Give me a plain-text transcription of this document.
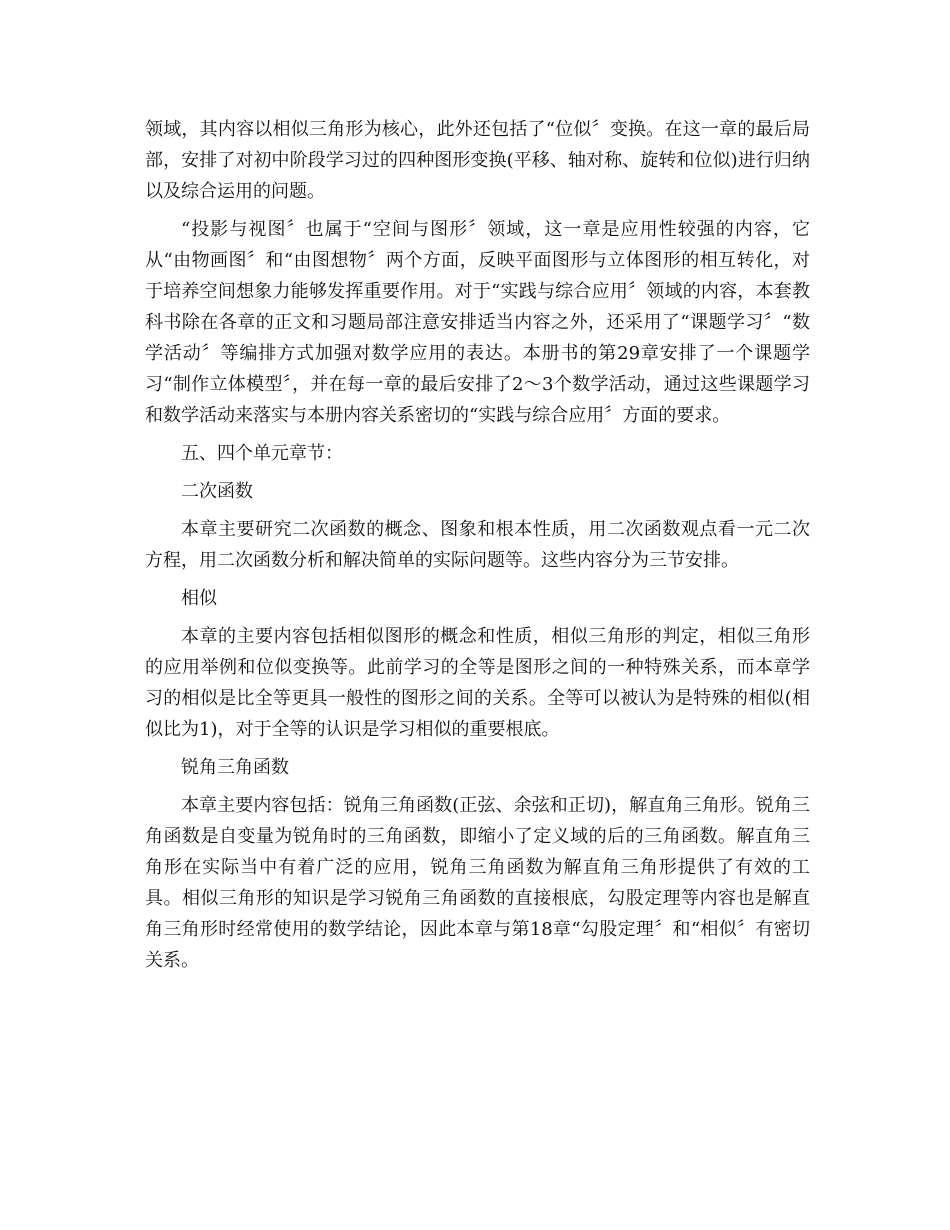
领域，其内容以相似三角形为核心，此外还包括了“位似〞变换。在这一章的最后局部，安排了对初中阶段学习过的四种图形变换(平移、轴对称、旋转和位似)进行归纳以及综合运用的问题。

“投影与视图〞也属于“空间与图形〞领域，这一章是应用性较强的内容，它从“由物画图〞和“由图想物〞两个方面，反映平面图形与立体图形的相互转化，对于培养空间想象力能够发挥重要作用。对于“实践与综合应用〞领域的内容，本套教科书除在各章的正文和习题局部注意安排适当内容之外，还采用了“课题学习〞“数学活动〞等编排方式加强对数学应用的表达。本册书的第29章安排了一个课题学习“制作立体模型〞，并在每一章的最后安排了2～3个数学活动，通过这些课题学习和数学活动来落实与本册内容关系密切的“实践与综合应用〞方面的要求。

五、四个单元章节：

二次函数

本章主要研究二次函数的概念、图象和根本性质，用二次函数观点看一元二次方程，用二次函数分析和解决简单的实际问题等。这些内容分为三节安排。

相似

本章的主要内容包括相似图形的概念和性质，相似三角形的判定，相似三角形的应用举例和位似变换等。此前学习的全等是图形之间的一种特殊关系，而本章学习的相似是比全等更具一般性的图形之间的关系。全等可以被认为是特殊的相似(相似比为1)，对于全等的认识是学习相似的重要根底。

锐角三角函数

本章主要内容包括：锐角三角函数(正弦、余弦和正切)，解直角三角形。锐角三角函数是自变量为锐角时的三角函数，即缩小了定义域的后的三角函数。解直角三角形在实际当中有着广泛的应用，锐角三角函数为解直角三角形提供了有效的工具。相似三角形的知识是学习锐角三角函数的直接根底，勾股定理等内容也是解直角三角形时经常使用的数学结论，因此本章与第18章“勾股定理〞和“相似〞有密切关系。
